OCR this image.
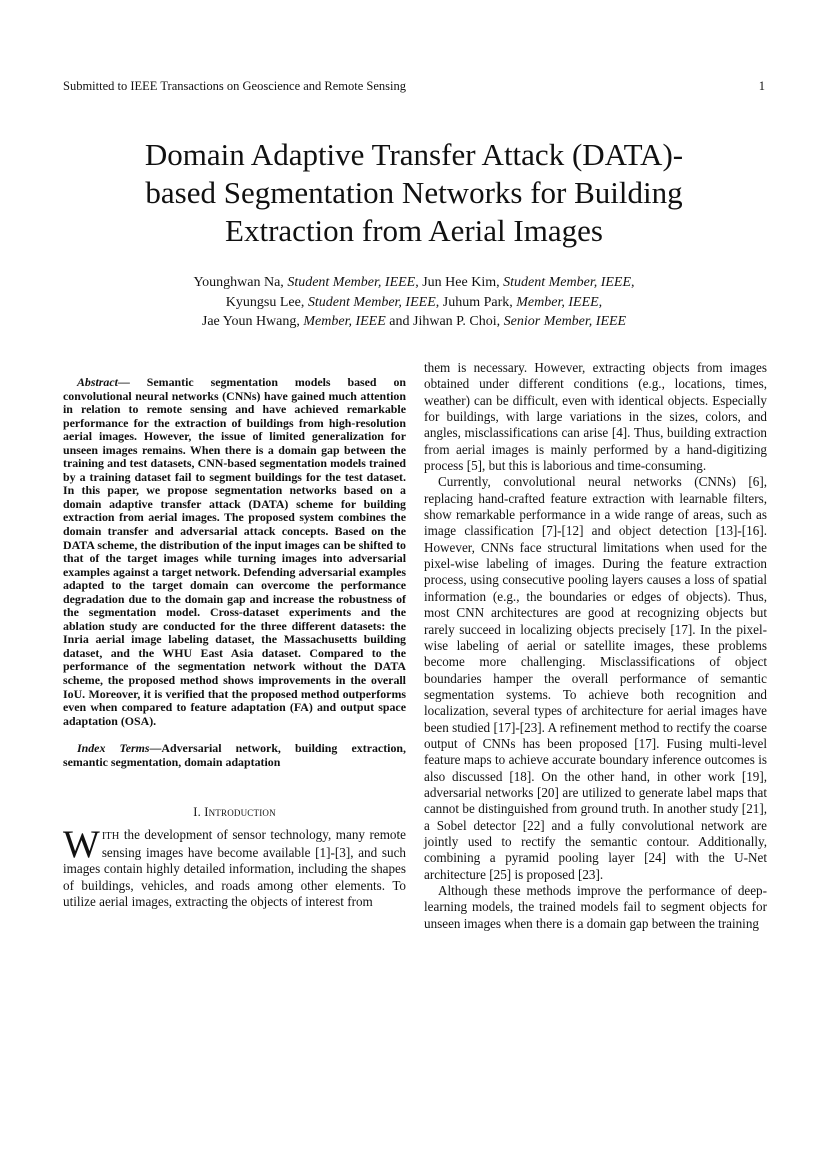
Submitted to IEEE Transactions on Geoscience and Remote Sensing	1
Domain Adaptive Transfer Attack (DATA)-
based Segmentation Networks for Building
Extraction from Aerial Images
Younghwan Na, Student Member, IEEE, Jun Hee Kim, Student Member, IEEE,
Kyungsu Lee, Student Member, IEEE, Juhum Park, Member, IEEE,
Jae Youn Hwang, Member, IEEE and Jihwan P. Choi, Senior Member, IEEE

Abstract— Semantic segmentation models based on convolutional neural networks (CNNs) have gained much attention in relation to remote sensing and have achieved remarkable performance for the extraction of buildings from high-resolution aerial images. However, the issue of limited generalization for unseen images remains. When there is a domain gap between the training and test datasets, CNN-based segmentation models trained by a training dataset fail to segment buildings for the test dataset. In this paper, we propose segmentation networks based on a domain adaptive transfer attack (DATA) scheme for building extraction from aerial images. The proposed system combines the domain transfer and adversarial attack concepts. Based on the DATA scheme, the distribution of the input images can be shifted to that of the target images while turning images into adversarial examples against a target network. Defending adversarial examples adapted to the target domain can overcome the performance degradation due to the domain gap and increase the robustness of the segmentation model. Cross-dataset experiments and the ablation study are conducted for the three different datasets: the Inria aerial image labeling dataset, the Massachusetts building dataset, and the WHU East Asia dataset. Compared to the performance of the segmentation network without the DATA scheme, the proposed method shows improvements in the overall IoU. Moreover, it is verified that the proposed method outperforms even when compared to feature adaptation (FA) and output space adaptation (OSA).

Index Terms—Adversarial network, building extraction, semantic segmentation, domain adaptation

I. Introduction

WITH the development of sensor technology, many remote sensing images have become available [1]-[3], and such images contain highly detailed information, including the shapes of buildings, vehicles, and roads among other elements. To utilize aerial images, extracting the objects of interest from

them is necessary. However, extracting objects from images obtained under different conditions (e.g., locations, times, weather) can be difficult, even with identical objects. Especially for buildings, with large variations in the sizes, colors, and angles, misclassifications can arise [4]. Thus, building extraction from aerial images is mainly performed by a hand-digitizing process [5], but this is laborious and time-consuming.

Currently, convolutional neural networks (CNNs) [6], replacing hand-crafted feature extraction with learnable filters, show remarkable performance in a wide range of areas, such as image classification [7]-[12] and object detection [13]-[16]. However, CNNs face structural limitations when used for the pixel-wise labeling of images. During the feature extraction process, using consecutive pooling layers causes a loss of spatial information (e.g., the boundaries or edges of objects). Thus, most CNN architectures are good at recognizing objects but rarely succeed in localizing objects precisely [17]. In the pixel-wise labeling of aerial or satellite images, these problems become more challenging. Misclassifications of object boundaries hamper the overall performance of semantic segmentation systems. To achieve both recognition and localization, several types of architecture for aerial images have been studied [17]-[23]. A refinement method to rectify the coarse output of CNNs has been proposed [17]. Fusing multi-level feature maps to achieve accurate boundary inference outcomes is also discussed [18]. On the other hand, in other work [19], adversarial networks [20] are utilized to generate label maps that cannot be distinguished from ground truth. In another study [21], a Sobel detector [22] and a fully convolutional network are jointly used to rectify the semantic contour. Additionally, combining a pyramid pooling layer [24] with the U-Net architecture [25] is proposed [23].

Although these methods improve the performance of deep-learning models, the trained models fail to segment objects for unseen images when there is a domain gap between the training
